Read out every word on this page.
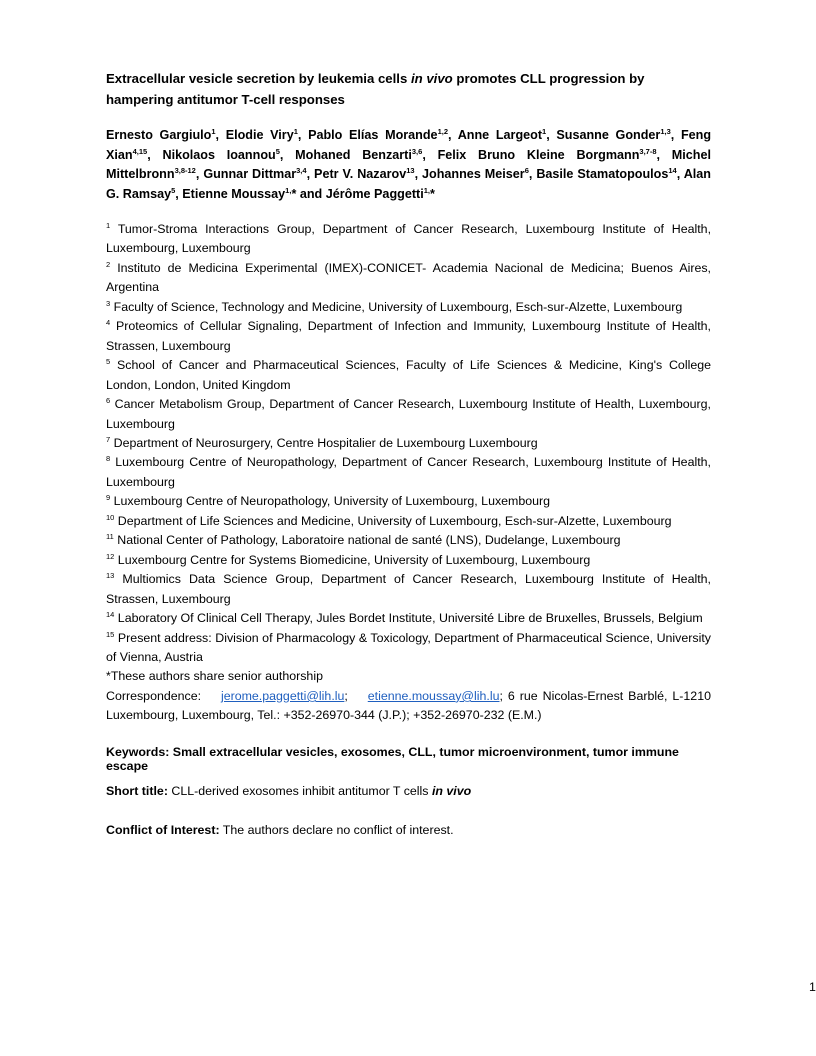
Extracellular vesicle secretion by leukemia cells in vivo promotes CLL progression by hampering antitumor T-cell responses
Ernesto Gargiulo$^1$, Elodie Viry$^1$, Pablo Elías Morande$^{1,2}$, Anne Largeot$^1$, Susanne Gonder$^{1,3}$, Feng Xian$^{4,15}$, Nikolaos Ioannou$^5$, Mohaned Benzarti$^{3,6}$, Felix Bruno Kleine Borgmann$^{3,7-8}$, Michel Mittelbronn$^{3,8-12}$, Gunnar Dittmar$^{3,4}$, Petr V. Nazarov$^{13}$, Johannes Meiser$^6$, Basile Stamatopoulos$^{14}$, Alan G. Ramsay$^5$, Etienne Moussay$^{1,}$* and Jérôme Paggetti$^{1,}$*
$^1$ Tumor-Stroma Interactions Group, Department of Cancer Research, Luxembourg Institute of Health, Luxembourg, Luxembourg
$^2$ Instituto de Medicina Experimental (IMEX)-CONICET- Academia Nacional de Medicina; Buenos Aires, Argentina
$^3$ Faculty of Science, Technology and Medicine, University of Luxembourg, Esch-sur-Alzette, Luxembourg
$^4$ Proteomics of Cellular Signaling, Department of Infection and Immunity, Luxembourg Institute of Health, Strassen, Luxembourg
$^5$ School of Cancer and Pharmaceutical Sciences, Faculty of Life Sciences & Medicine, King's College London, London, United Kingdom
$^6$ Cancer Metabolism Group, Department of Cancer Research, Luxembourg Institute of Health, Luxembourg, Luxembourg
$^7$ Department of Neurosurgery, Centre Hospitalier de Luxembourg Luxembourg
$^8$ Luxembourg Centre of Neuropathology, Department of Cancer Research, Luxembourg Institute of Health, Luxembourg
$^9$ Luxembourg Centre of Neuropathology, University of Luxembourg, Luxembourg
$^{10}$ Department of Life Sciences and Medicine, University of Luxembourg, Esch-sur-Alzette, Luxembourg
$^{11}$ National Center of Pathology, Laboratoire national de santé (LNS), Dudelange, Luxembourg
$^{12}$ Luxembourg Centre for Systems Biomedicine, University of Luxembourg, Luxembourg
$^{13}$ Multiomics Data Science Group, Department of Cancer Research, Luxembourg Institute of Health, Strassen, Luxembourg
$^{14}$ Laboratory Of Clinical Cell Therapy, Jules Bordet Institute, Université Libre de Bruxelles, Brussels, Belgium
$^{15}$ Present address: Division of Pharmacology & Toxicology, Department of Pharmaceutical Science, University of Vienna, Austria
*These authors share senior authorship
Correspondence: jerome.paggetti@lih.lu; etienne.moussay@lih.lu; 6 rue Nicolas-Ernest Barblé, L-1210 Luxembourg, Luxembourg, Tel.: +352-26970-344 (J.P.); +352-26970-232 (E.M.)
Keywords: Small extracellular vesicles, exosomes, CLL, tumor microenvironment, tumor immune escape
Short title: CLL-derived exosomes inhibit antitumor T cells in vivo
Conflict of Interest: The authors declare no conflict of interest.
1
